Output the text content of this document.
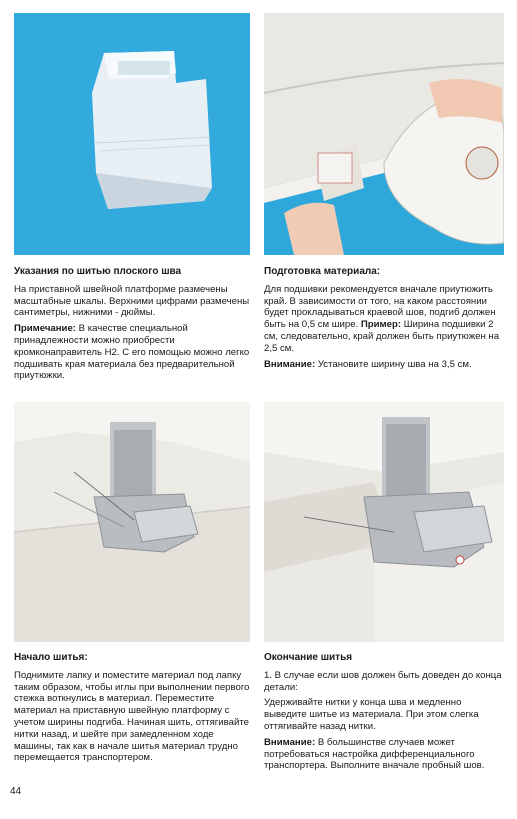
Указания по шитью плоского шва

На приставной швейной платформе размечены масштабные шкалы. Верхними цифрами размечены сантиметры, нижними - дюймы.

Примечание: В качестве специальной принадлежности можно приобрести кромконаправитель H2. С его помощью можно легко подшивать края материала без предварительной приутюжки.

Подготовка материала:

Для подшивки рекомендуется вначале приутюжить край. В зависимости от того, на каком расстоянии будет прокладываться краевой шов, подгиб должен быть на 0,5 см шире. Пример: Ширина подшивки 2 см, следовательно, край должен быть приутюжен на 2,5 см.

Внимание: Установите ширину шва на 3,5 см.

Начало шитья:

Поднимите лапку и поместите материал под лапку таким образом, чтобы иглы при выполнении первого стежка воткнулись в материал. Переместите материал на приставную швейную платформу с учетом ширины подгиба. Начиная шить, оттягивайте нитки назад, и шейте при замедленном ходе машины, так как в начале шитья материал трудно перемещается транспортером.

Окончание шитья

1. В случае если шов должен быть доведен до конца детали:

Удерживайте нитки у конца шва и медленно выведите шитье из материала. При этом слегка оттягивайте назад нитки.

Внимание: В большинстве случаев может потребоваться настройка дифференциального транспортера. Выполните вначале пробный шов.

44
